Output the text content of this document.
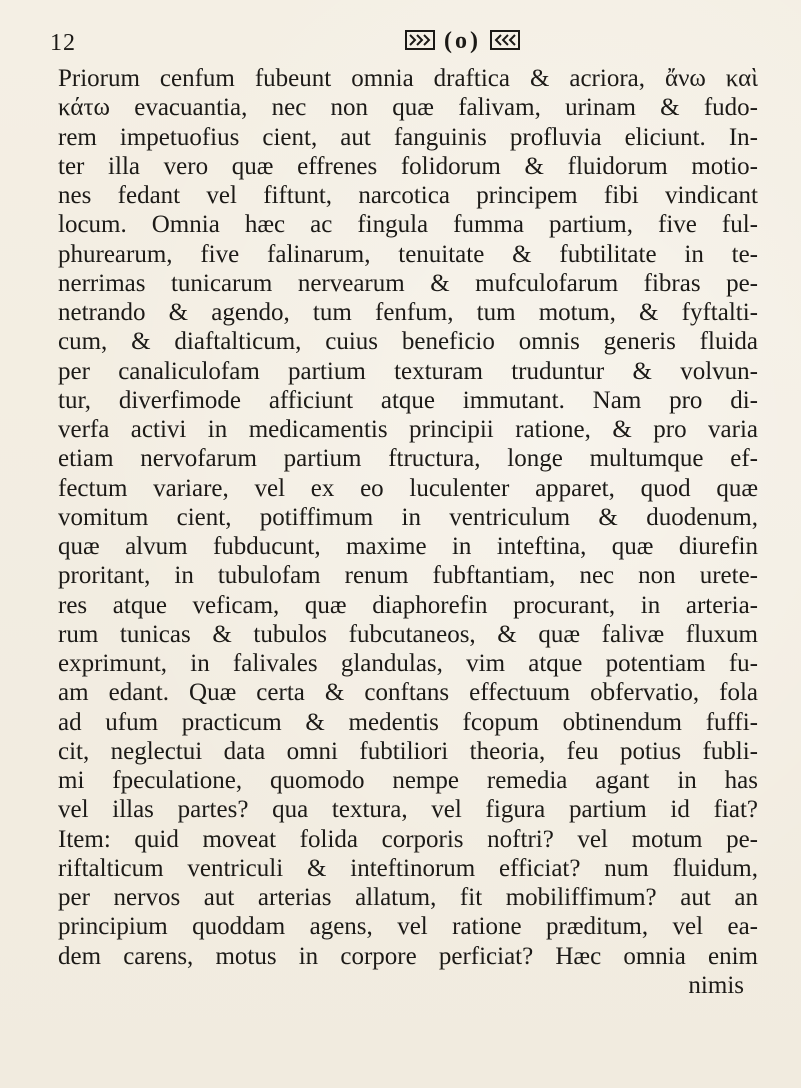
12	(o)
Priorum cenfum fubeunt omnia draftica & acriora, ἄνω καὶ
κάτω evacuantia, nec non quæ falivam, urinam & fudo-
rem impetuofius cient, aut fanguinis profluvia eliciunt. In-
ter illa vero quæ effrenes folidorum & fluidorum motio-
nes fedant vel fiftunt, narcotica principem fibi vindicant
locum. Omnia hæc ac fingula fumma partium, five ful-
phurearum, five falinarum, tenuitate & fubtilitate in te-
nerrimas tunicarum nervearum & mufculofarum fibras pe-
netrando & agendo, tum fenfum, tum motum, & fyftalti-
cum, & diaftalticum, cuius beneficio omnis generis fluida
per canaliculofam partium texturam truduntur & volvun-
tur, diverfimode afficiunt atque immutant. Nam pro di-
verfa activi in medicamentis principii ratione, & pro varia
etiam nervofarum partium ftructura, longe multumque ef-
fectum variare, vel ex eo luculenter apparet, quod quæ
vomitum cient, potiffimum in ventriculum & duodenum,
quæ alvum fubducunt, maxime in inteftina, quæ diurefin
proritant, in tubulofam renum fubftantiam, nec non urete-
res atque veficam, quæ diaphorefin procurant, in arteria-
rum tunicas & tubulos fubcutaneos, & quæ falivæ fluxum
exprimunt, in falivales glandulas, vim atque potentiam fu-
am edant. Quæ certa & conftans effectuum obfervatio, fola
ad ufum practicum & medentis fcopum obtinendum fuffi-
cit, neglectui data omni fubtiliori theoria, feu potius fubli-
mi fpeculatione, quomodo nempe remedia agant in has
vel illas partes? qua textura, vel figura partium id fiat?
Item: quid moveat folida corporis noftri? vel motum pe-
riftalticum ventriculi & inteftinorum efficiat? num fluidum,
per nervos aut arterias allatum, fit mobiliffimum? aut an
principium quoddam agens, vel ratione præditum, vel ea-
dem carens, motus in corpore perficiat? Hæc omnia enim
nimis
